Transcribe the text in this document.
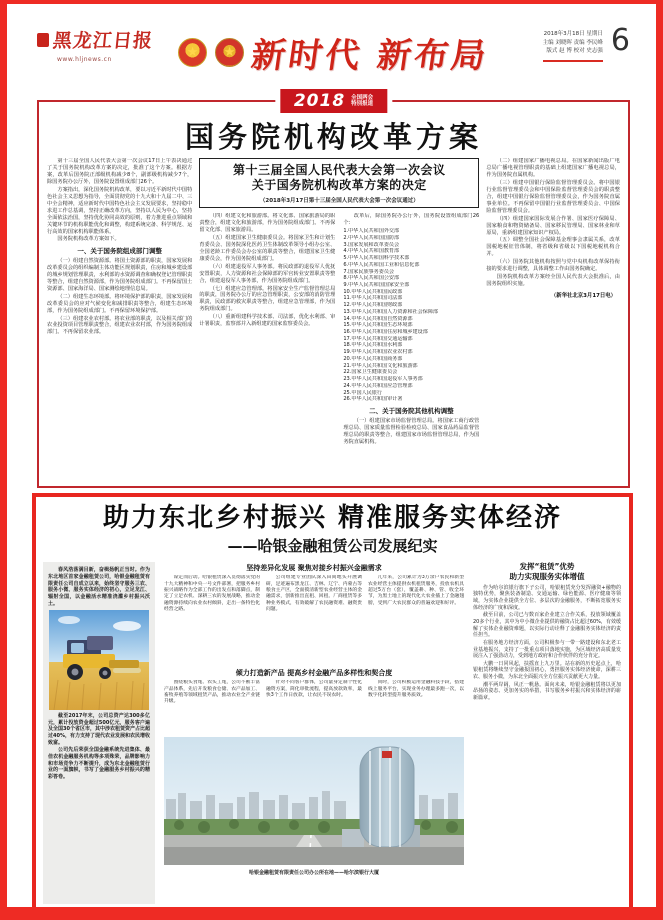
黑龙江日报
www.hljnews.cn	★	★ 新时代 新布局
2018年3月18日 星期日
主编 刘晓晖 责编 李民峰
版式 赵 博 校对 史志强 6
2018 全国两会
特别报道
国务院机构改革方案
第十三届全国人民代表大会第一次会议17日上午表决通过了关于国务院机构改革方案的决定，批准了这个方案。根据方案，改革后国务院正部级机构减少8个，副部级机构减少7个，除国务院办公厅外，国务院设置组成部门26个。
方案指出，深化国务院机构改革，要以习近平新时代中国特色社会主义思想为指导，全面贯彻党的十九大和十九届二中、三中全会精神，适应新时代中国特色社会主义发展要求，坚持稳中求进工作总基调，坚持正确改革方向，坚持以人民为中心，坚持全面依法治国，坚持优化协同高效的原则，着力推进重点领域和关键环节的机构职能优化和调整，构建系统完备、科学规范、运行高效的国家机构职能体系。
国务院机构改革方案如下。
一、关于国务院组成部门调整
（一）组建自然资源部。将国土资源部的职责，国家发展和改革委员会的组织编制主体功能区规划职责，住房和城乡建设部的城乡规划管理职责，水利部的水资源调查和确权登记管理职责等整合，组建自然资源部，作为国务院组成部门。不再保留国土资源部、国家海洋局、国家测绘地理信息局。
（二）组建生态环境部。将环境保护部的职责，国家发展和改革委员会的应对气候变化和减排职责等整合，组建生态环境部，作为国务院组成部门。不再保留环境保护部。
（三）组建农业农村部。将农业部的职责，以及相关部门的农业投资项目管理职责整合，组建农业农村部，作为国务院组成部门。不再保留农业部。
第十三届全国人民代表大会第一次会议
关于国务院机构改革方案的决定
（2018年3月17日第十三届全国人民代表大会第一次会议通过）
（四）组建文化和旅游部。将文化部、国家旅游局的职责整合，组建文化和旅游部，作为国务院组成部门。不再保留文化部、国家旅游局。
（五）组建国家卫生健康委员会。将国家卫生和计划生育委员会、国务院深化医药卫生体制改革领导小组办公室、全国老龄工作委员会办公室的职责等整合，组建国家卫生健康委员会，作为国务院组成部门。
（六）组建退役军人事务部。将民政部的退役军人优抚安置职责，人力资源和社会保障部的军官转业安置职责等整合，组建退役军人事务部，作为国务院组成部门。
（七）组建应急管理部。将国家安全生产监督管理总局的职责，国务院办公厅的应急管理职责，公安部的消防管理职责，民政部的救灾职责等整合，组建应急管理部，作为国务院组成部门。
（八）重新组建科学技术部、司法部，优化水利部、审计署职责，监察部并入新组建的国家监察委员会。
改革后，除国务院办公厅外，国务院设置组成部门26个：
1.中华人民共和国外交部
2.中华人民共和国国防部
3.国家发展和改革委员会
4.中华人民共和国教育部
5.中华人民共和国科学技术部
6.中华人民共和国工业和信息化部
7.国家民族事务委员会
8.中华人民共和国公安部
9.中华人民共和国国家安全部
10.中华人民共和国民政部
11.中华人民共和国司法部
12.中华人民共和国财政部
13.中华人民共和国人力资源和社会保障部
14.中华人民共和国自然资源部
15.中华人民共和国生态环境部
16.中华人民共和国住房和城乡建设部
17.中华人民共和国交通运输部
18.中华人民共和国水利部
19.中华人民共和国农业农村部
20.中华人民共和国商务部
21.中华人民共和国文化和旅游部
22.国家卫生健康委员会
23.中华人民共和国退役军人事务部
24.中华人民共和国应急管理部
25.中国人民银行
26.中华人民共和国审计署
二、关于国务院其他机构调整
（一）组建国家市场监督管理总局。将国家工商行政管理总局、国家质量监督检验检疫总局、国家食品药品监督管理总局的职责等整合，组建国家市场监督管理总局，作为国务院直属机构。
（二）组建国家广播电视总局。在国家新闻出版广电总局广播电视管理职责的基础上组建国家广播电视总局，作为国务院直属机构。
（三）组建中国银行保险监督管理委员会。将中国银行业监督管理委员会和中国保险监督管理委员会的职责整合，组建中国银行保险监督管理委员会，作为国务院直属事业单位。不再保留中国银行业监督管理委员会、中国保险监督管理委员会。
（四）组建国家国际发展合作署、国家医疗保障局、国家粮食和物资储备局、国家移民管理局、国家林业和草原局，重新组建国家知识产权局。
（五）调整全国社会保障基金理事会隶属关系，改革国税地税征管体制，将省级和省级以下国税地税机构合并。
（六）国务院其他机构按照与党中央机构改革保持衔接的要求进行调整，具体调整工作由国务院确定。
国务院机构改革方案经全国人民代表大会批准后，由国务院组织实施。
（新华社北京3月17日电）
助力东北乡村振兴 精准服务实体经济
——哈银金融租赁公司发展纪实
春风浩荡满目新，奋楫扬帆正当时。作为东北地区首家金融租赁公司，哈银金融租赁有限责任公司自成立以来，始终坚守服务三农、服务小微、服务实体经济的初心，立足龙江、辐射全国，以金融活水精准浇灌乡村振兴沃土。
截至2017年末，公司总资产达300多亿元，累计投放资金超过500亿元，服务客户遍及全国30个省区市，其中涉农租赁资产占比超过40%，有力支持了现代农业发展和农民增收致富。
公司先后荣获全国金融系统先进集体、最佳农机金融服务机构等多项殊荣，品牌影响力和市场竞争力不断提升，成为东北金融租赁行业的一面旗帜，书写了金融服务乡村振兴的精彩答卷。
坚持差异化发展 聚焦对接乡村振兴金融需求
谋定而后动。哈银租赁深入贯彻落实党的十九大精神和中央一号文件部署，把服务乡村振兴战略作为全部工作的出发点和落脚点，制定了立足农机、深耕三农的发展战略，推动金融资源持续向农业农村倾斜，走出一条特色化经营之路。
公司组建专业团队深入田间地头开展调研，足迹遍布黑龙江、吉林、辽宁、内蒙古等粮食主产区，全面摸清新型农业经营主体的金融需求，创新推出直租、回租、厂商租赁等多种业务模式，有效破解了农民融资难、融资贵问题。
几年来，公司累计为3万余户农民和新型农业经营主体提供农机租赁服务，投放农机具超过5万台（套），覆盖耕、种、管、收全环节，为黑土地上的现代化大农业插上了金融翅膀，受到广大农民群众的普遍欢迎和好评。
倾力打造新产品 提高乡村金融产品多样性和契合度
围绕粮头食尾、农头工尾，公司不断丰富产品体系，先后开发粮食仓储、农产品加工、畜牧养殖等领域租赁产品，推动农业全产业链升级。
针对不同客户群体，公司量身定制个性化融资方案，简化审批流程，提高放款效率，最快3个工作日放款，让农民不误农时。
同时，公司积极运用金融科技手段，搭建线上服务平台，实现业务办理最多跑一次，以数字化转型提升服务质效。
哈银金融租赁有限责任公司办公所在地——哈尔滨银行大厦
发挥“租赁”优势
助力实现服务实体增值
作为哈尔滨银行旗下子公司，哈银租赁充分发挥融资+融物的独特优势，聚焦装备制造、交通运输、绿色能源、医疗健康等领域，为实体企业提供全方位、多层次的金融服务，不断拓宽服务实体经济的广度和深度。
截至目前，公司已与数百家企业建立合作关系，投放领域覆盖20多个行业，其中为中小微企业提供的融资占比超过60%，有效缓解了实体企业融资难题，以实际行动诠释了金融服务实体经济的责任担当。
在服务地方经济方面，公司积极参与一带一路建设和东北老工业基地振兴，支持了一批重点项目落地实施，为区域经济高质量发展注入了强劲动力，受到地方政府和合作伙伴的充分肯定。
大鹏一日同风起，扶摇直上九万里。站在新的历史起点上，哈银租赁将继续坚守金融报国初心，勇担服务实体经济使命，深耕三农、服务小微，为东北全面振兴全方位振兴贡献更大力量。
潮平两岸阔，风正一帆悬。面向未来，哈银金融租赁将以更加昂扬的姿态、更加务实的举措，书写服务乡村振兴和实体经济的崭新篇章。
